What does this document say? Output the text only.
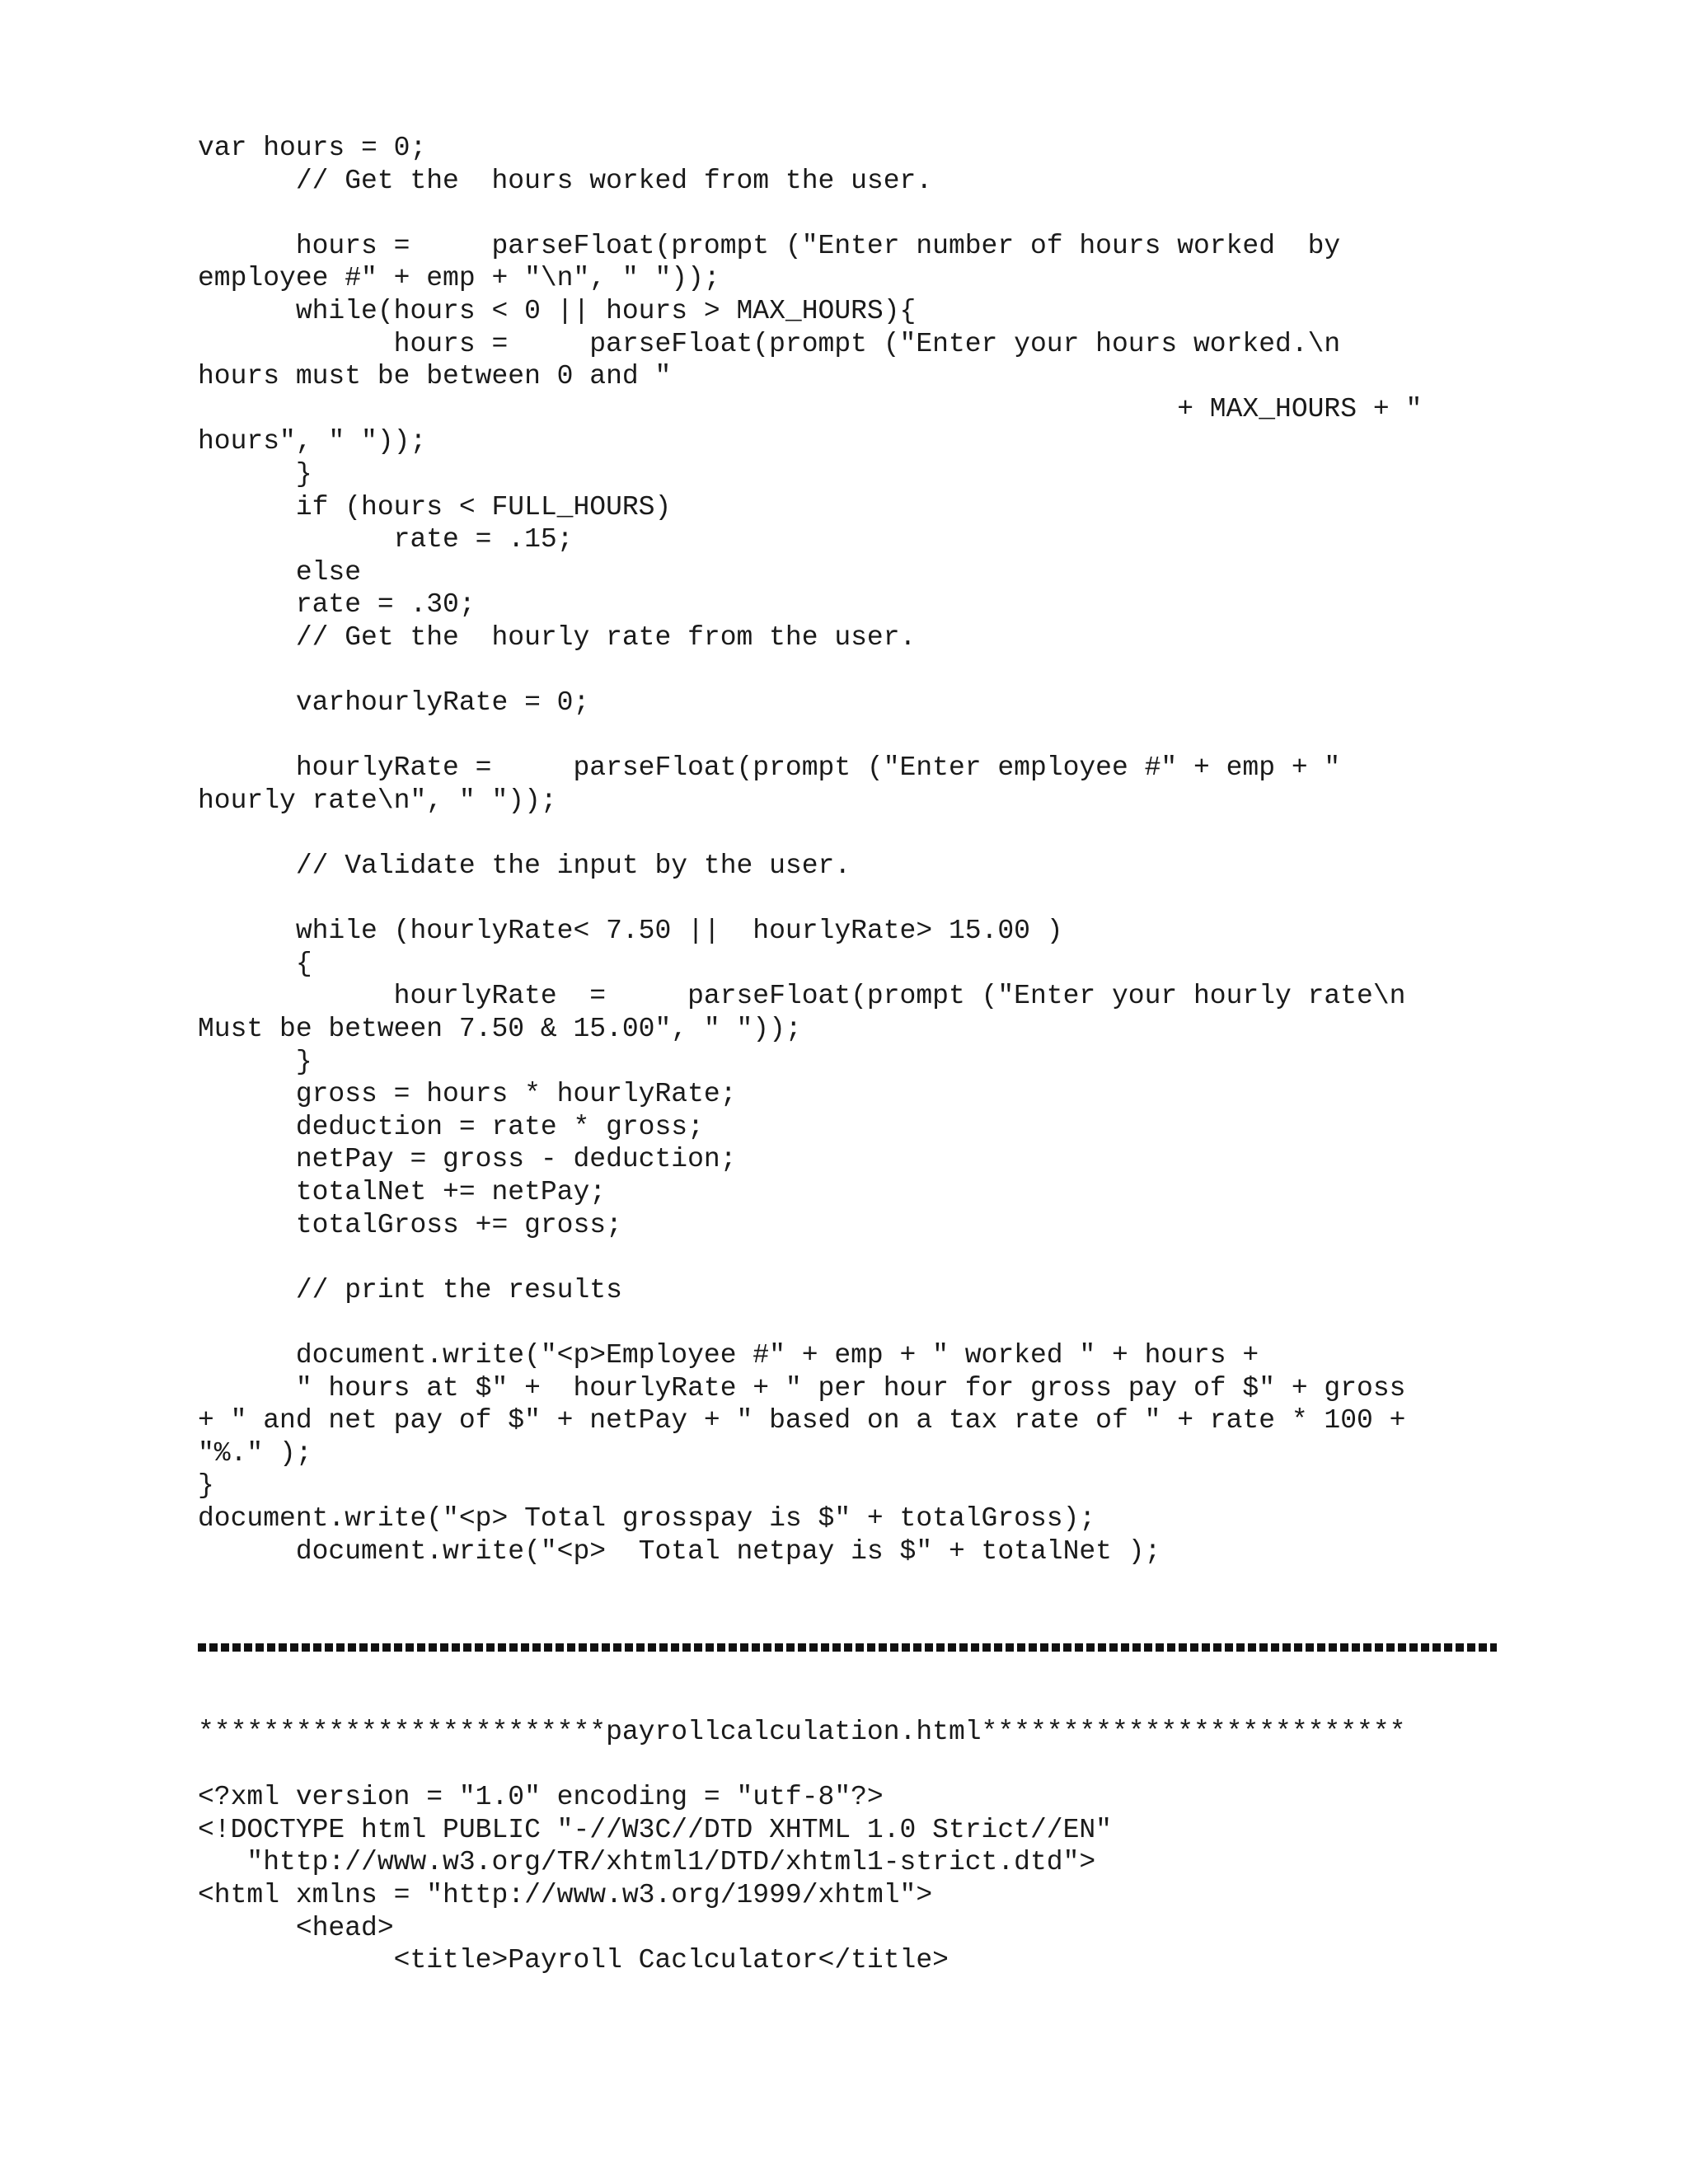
var hours = 0;
// Get the  hours worked from the user.
hours =     parseFloat(prompt ("Enter number of hours worked  by
employee #" + emp + "\n", " "));
while(hours < 0 || hours > MAX_HOURS){
hours =     parseFloat(prompt ("Enter your hours worked.\n
hours must be between 0 and "
+ MAX_HOURS + "
hours", " "));
}
if (hours < FULL_HOURS)
rate = .15;
else
rate = .30;
// Get the  hourly rate from the user.
varhourlyRate = 0;
hourlyRate =     parseFloat(prompt ("Enter employee #" + emp + "
hourly rate\n", " "));
// Validate the input by the user.
while (hourlyRate< 7.50 ||  hourlyRate> 15.00 )
{
hourlyRate  =     parseFloat(prompt ("Enter your hourly rate\n
Must be between 7.50 & 15.00", " "));
}
gross = hours * hourlyRate;
deduction = rate * gross;
netPay = gross - deduction;
totalNet += netPay;
totalGross += gross;
// print the results
document.write("<p>Employee #" + emp + " worked " + hours +
" hours at $" +  hourlyRate + " per hour for gross pay of $" + gross
+ " and net pay of $" + netPay + " based on a tax rate of " + rate * 100 +
"%." );
}
document.write("<p> Total grosspay is $" + totalGross);
document.write("<p>  Total netpay is $" + totalNet );
*************************payrollcalculation.html**************************
<?xml version = "1.0" encoding = "utf-8"?>
<!DOCTYPE html PUBLIC "-//W3C//DTD XHTML 1.0 Strict//EN"
"http://www.w3.org/TR/xhtml1/DTD/xhtml1-strict.dtd">
<html xmlns = "http://www.w3.org/1999/xhtml">
<head>
<title>Payroll Caclculator</title>
